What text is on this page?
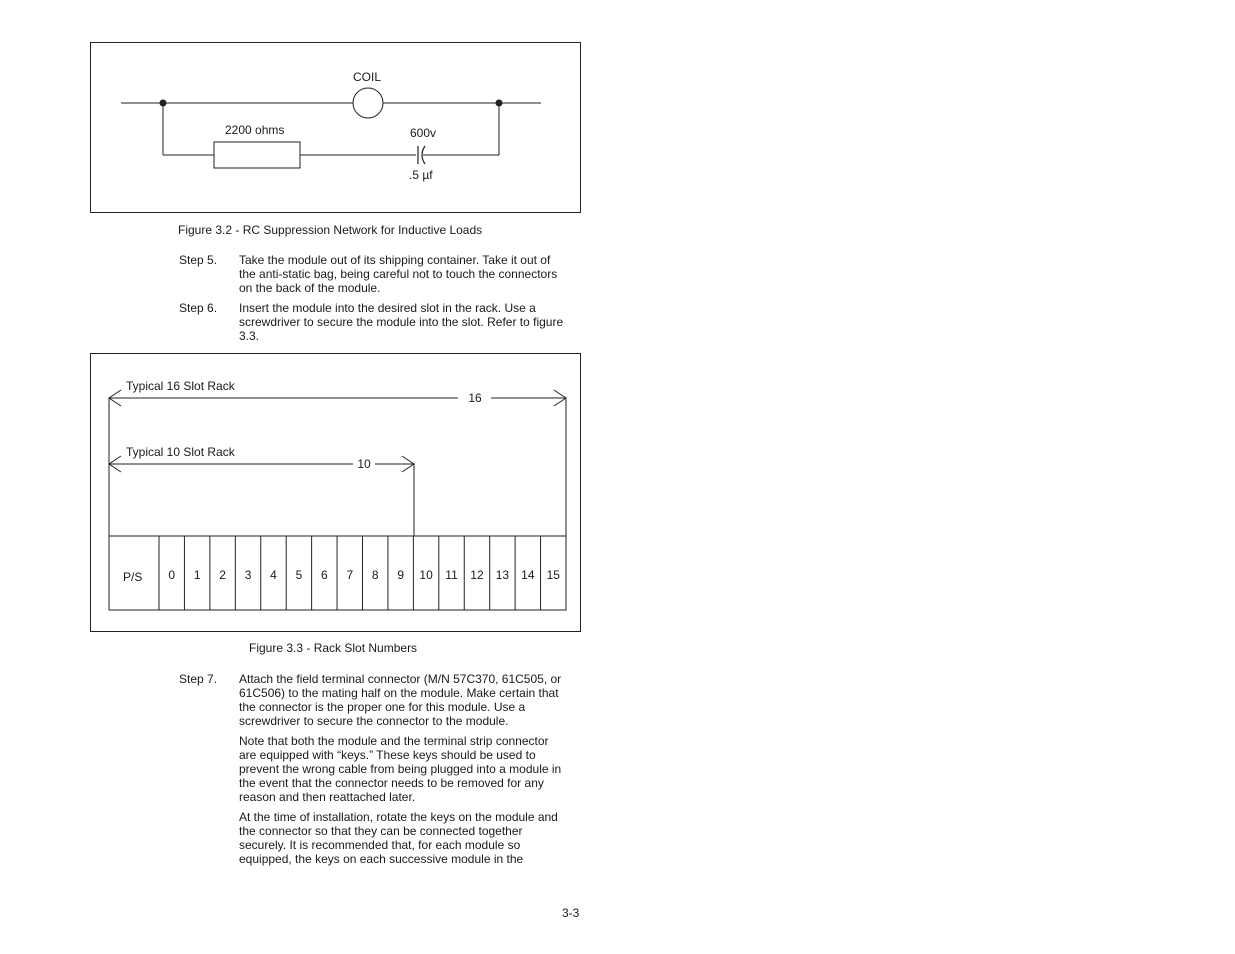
COIL
2200 ohms	600v
.5 µf
Figure 3.2 - RC Suppression Network for Inductive Loads
Step 5. Take the module out of its shipping container. Take it out of the anti-static bag, being careful not to touch the connectors on the back of the module.
Step 6. Insert the module into the desired slot in the rack. Use a screwdriver to secure the module into the slot. Refer to figure 3.3.
Typical 16 Slot Rack
16
Typical 10 Slot Rack
10
P/S 0 1 2 3 4 5 6 7 8 9 10 11 12 13 14 15
Figure 3.3 - Rack Slot Numbers
Step 7. Attach the field terminal connector (M/N 57C370, 61C505, or 61C506) to the mating half on the module. Make certain that the connector is the proper one for this module. Use a screwdriver to secure the connector to the module.
Note that both the module and the terminal strip connector are equipped with “keys.” These keys should be used to prevent the wrong cable from being plugged into a module in the event that the connector needs to be removed for any reason and then reattached later.
At the time of installation, rotate the keys on the module and the connector so that they can be connected together securely. It is recommended that, for each module so equipped, the keys on each successive module in the
3-3
